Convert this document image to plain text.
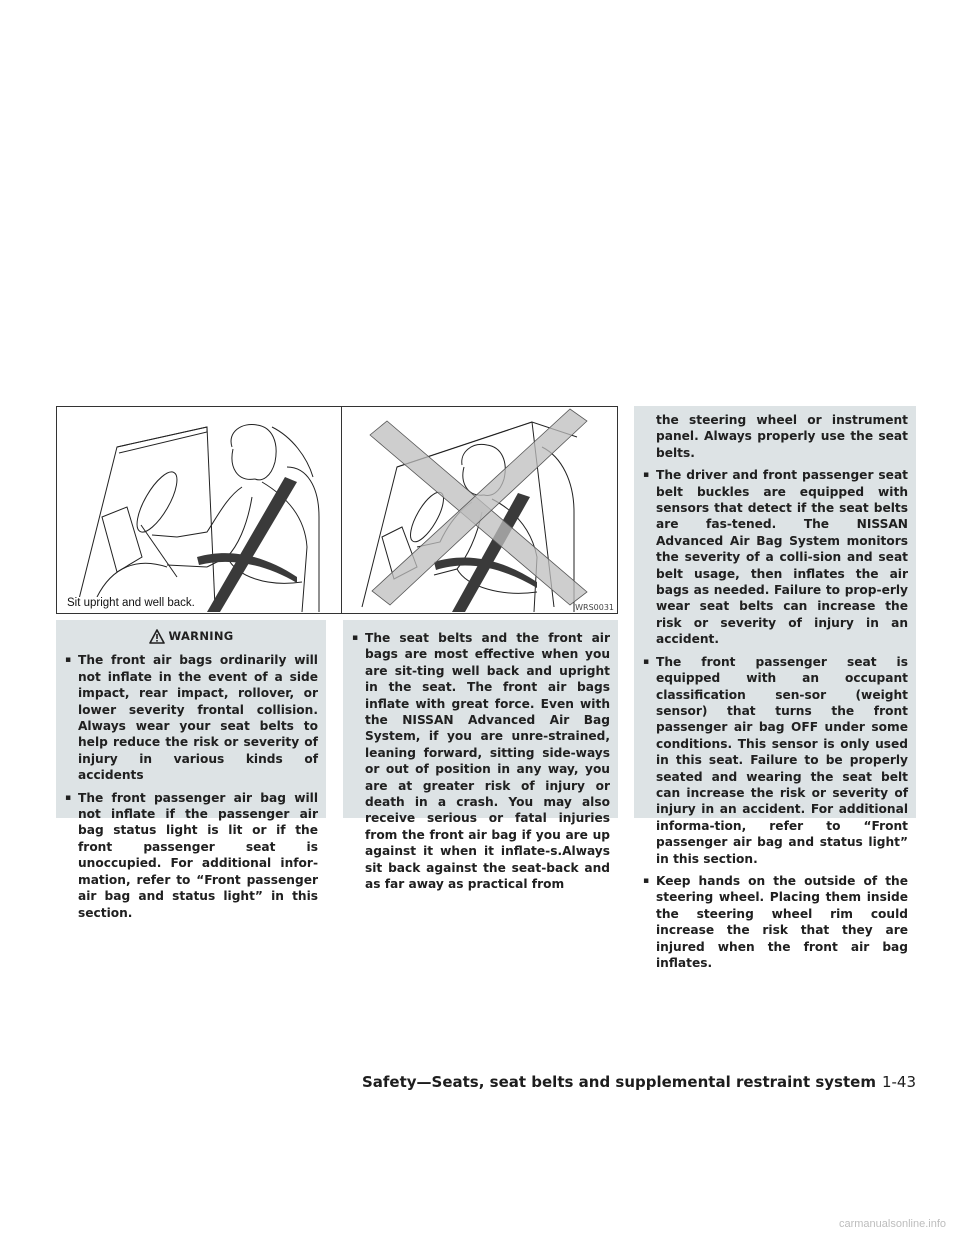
Sit upright and well back.	WRS0031
WARNING
▪ The front air bags ordinarily will not inflate in the event of a side impact, rear impact, rollover, or lower severity frontal collision. Always wear your seat belts to help reduce the risk or severity of injury in various kinds of accidents
▪ The front passenger air bag will not inflate if the passenger air bag status light is lit or if the front passenger seat is unoccupied. For additional infor-mation, refer to “Front passenger air bag and status light” in this section.
▪ The seat belts and the front air bags are most effective when you are sit-ting well back and upright in the seat. The front air bags inflate with great force. Even with the NISSAN Advanced Air Bag System, if you are unre-strained, leaning forward, sitting side-ways or out of position in any way, you are at greater risk of injury or death in a crash. You may also receive serious or fatal injuries from the front air bag if you are up against it when it inflate-s.Always sit back against the seat-back and as far away as practical from
the steering wheel or instrument panel. Always properly use the seat belts.
▪ The driver and front passenger seat belt buckles are equipped with sensors that detect if the seat belts are fas-tened. The NISSAN Advanced Air Bag System monitors the severity of a colli-sion and seat belt usage, then inflates the air bags as needed. Failure to prop-erly wear seat belts can increase the risk or severity of injury in an accident.
▪ The front passenger seat is equipped with an occupant classification sen-sor (weight sensor) that turns the front passenger air bag OFF under some conditions. This sensor is only used in this seat. Failure to be properly seated and wearing the seat belt can increase the risk or severity of injury in an accident. For additional informa-tion, refer to “Front passenger air bag and status light” in this section.
▪ Keep hands on the outside of the steering wheel. Placing them inside the steering wheel rim could increase the risk that they are injured when the front air bag inflates.
Safety—Seats, seat belts and supplemental restraint system 1-43
carmanualsonline.info
